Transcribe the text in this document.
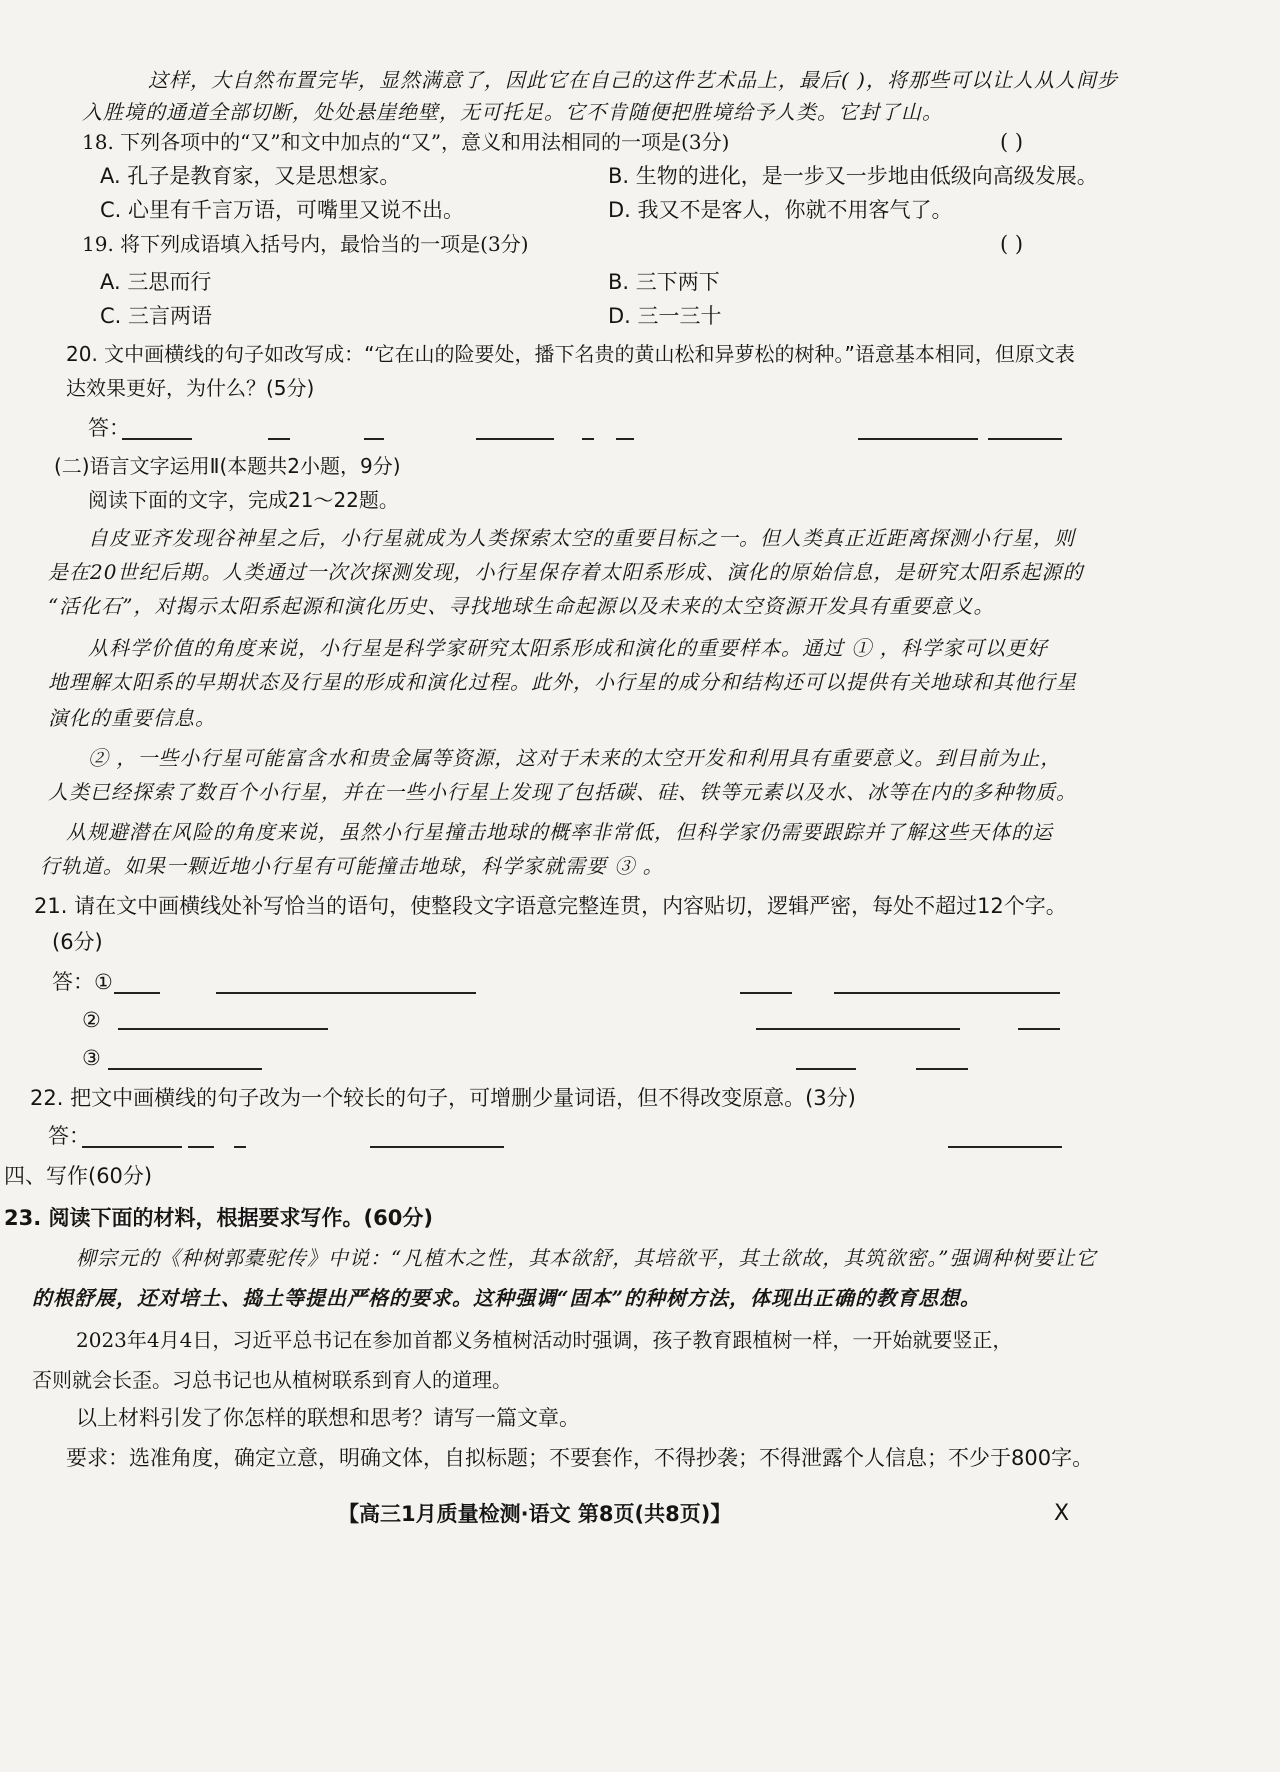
这样，大自然布置完毕，显然满意了，因此它在自己的这件艺术品上，最后( )，将那些可以让人从人间步
入胜境的通道全部切断，处处悬崖绝壁，无可托足。它不肯随便把胜境给予人类。它封了山。
18. 下列各项中的“又”和文中加点的“又”，意义和用法相同的一项是(3分)	( )
A. 孔子是教育家，又是思想家。	B. 生物的进化，是一步又一步地由低级向高级发展。
C. 心里有千言万语，可嘴里又说不出。	D. 我又不是客人，你就不用客气了。
19. 将下列成语填入括号内，最恰当的一项是(3分)	( )
A. 三思而行	B. 三下两下
C. 三言两语	D. 三一三十
20. 文中画横线的句子如改写成：“它在山的险要处，播下名贵的黄山松和异萝松的树种。”语意基本相同，但原文表
达效果更好，为什么？(5分)
答：
(二)语言文字运用Ⅱ(本题共2小题，9分)
阅读下面的文字，完成21～22题。
自皮亚齐发现谷神星之后，小行星就成为人类探索太空的重要目标之一。但人类真正近距离探测小行星，则
是在20世纪后期。人类通过一次次探测发现，小行星保存着太阳系形成、演化的原始信息，是研究太阳系起源的
“活化石”，对揭示太阳系起源和演化历史、寻找地球生命起源以及未来的太空资源开发具有重要意义。
从科学价值的角度来说，小行星是科学家研究太阳系形成和演化的重要样本。通过 ① ，科学家可以更好
地理解太阳系的早期状态及行星的形成和演化过程。此外，小行星的成分和结构还可以提供有关地球和其他行星
演化的重要信息。
② ，一些小行星可能富含水和贵金属等资源，这对于未来的太空开发和利用具有重要意义。到目前为止，
人类已经探索了数百个小行星，并在一些小行星上发现了包括碳、硅、铁等元素以及水、冰等在内的多种物质。
从规避潜在风险的角度来说，虽然小行星撞击地球的概率非常低，但科学家仍需要跟踪并了解这些天体的运
行轨道。如果一颗近地小行星有可能撞击地球，科学家就需要 ③ 。
21. 请在文中画横线处补写恰当的语句，使整段文字语意完整连贯，内容贴切，逻辑严密，每处不超过12个字。
(6分)
答：①
②
③
22. 把文中画横线的句子改为一个较长的句子，可增删少量词语，但不得改变原意。(3分)
答：
四、写作(60分)
23. 阅读下面的材料，根据要求写作。(60分)
柳宗元的《种树郭橐驼传》中说：“凡植木之性，其本欲舒，其培欲平，其土欲故，其筑欲密。”强调种树要让它
的根舒展，还对培土、捣土等提出严格的要求。这种强调“固本”的种树方法，体现出正确的教育思想。
2023年4月4日，习近平总书记在参加首都义务植树活动时强调，孩子教育跟植树一样，一开始就要竖正，
否则就会长歪。习总书记也从植树联系到育人的道理。
以上材料引发了你怎样的联想和思考？请写一篇文章。
要求：选准角度，确定立意，明确文体，自拟标题；不要套作，不得抄袭；不得泄露个人信息；不少于800字。
【高三1月质量检测·语文 第8页(共8页)】	X
